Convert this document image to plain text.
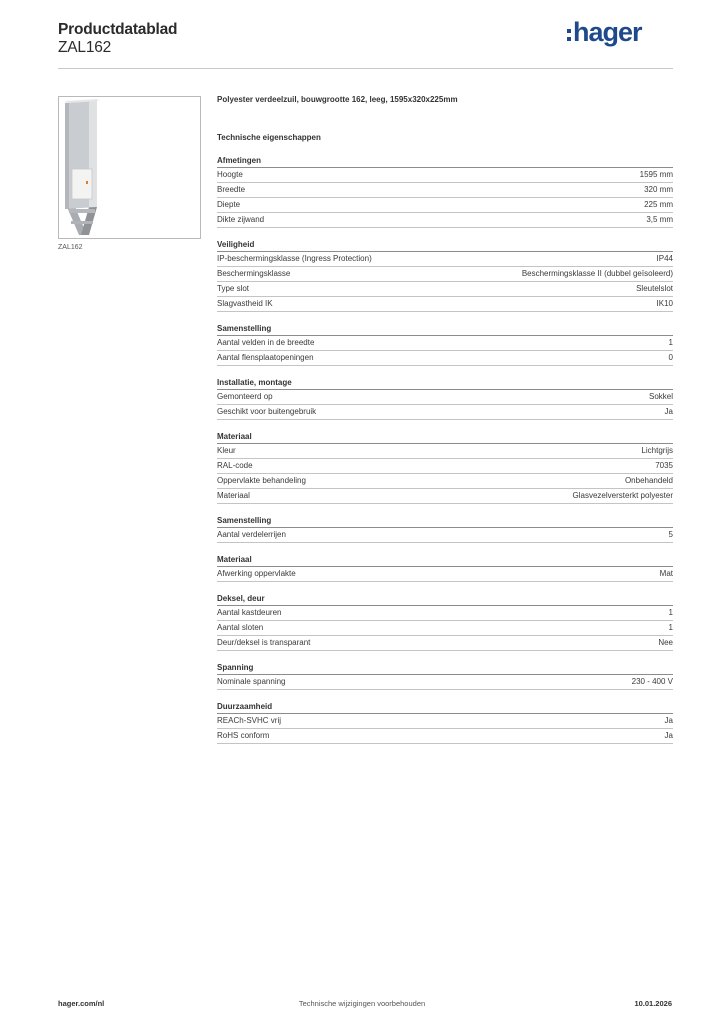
Productdatablad
ZAL162
hager
ZAL162
Polyester verdeelzuil, bouwgrootte 162, leeg, 1595x320x225mm
Technische eigenschappen
Afmetingen
Hoogte	1595 mm
Breedte	320 mm
Diepte	225 mm
Dikte zijwand	3,5 mm
Veiligheid
IP-beschermingsklasse (Ingress Protection)	IP44
Beschermingsklasse	Beschermingsklasse II (dubbel geïsoleerd)
Type slot	Sleutelslot
Slagvastheid IK	IK10
Samenstelling
Aantal velden in de breedte	1
Aantal flensplaatopeningen	0
Installatie, montage
Gemonteerd op	Sokkel
Geschikt voor buitengebruik	Ja
Materiaal
Kleur	Lichtgrijs
RAL-code	7035
Oppervlakte behandeling	Onbehandeld
Materiaal	Glasvezelversterkt polyester
Samenstelling
Aantal verdelerrijen	5
Materiaal
Afwerking oppervlakte	Mat
Deksel, deur
Aantal kastdeuren	1
Aantal sloten	1
Deur/deksel is transparant	Nee
Spanning
Nominale spanning	230 - 400 V
Duurzaamheid
REACh-SVHC vrij	Ja
RoHS conform	Ja
hager.com/nl	Technische wijzigingen voorbehouden	10.01.2026
